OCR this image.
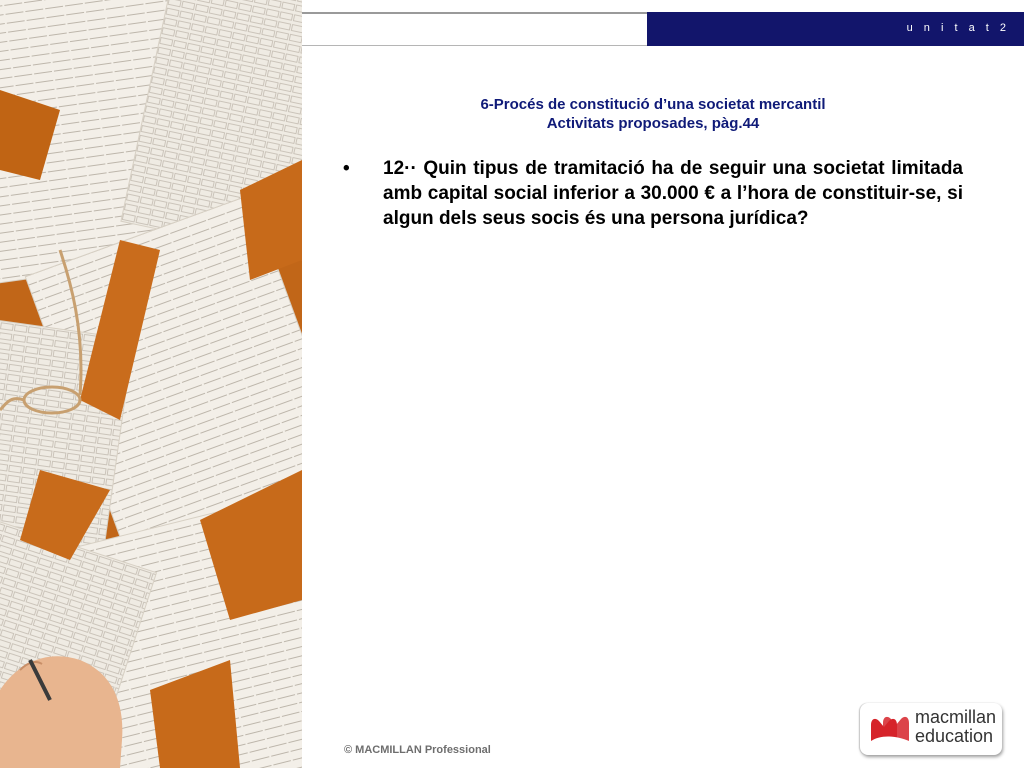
u n i t a t 2
6-Procés de constitució d’una societat mercantil
Activitats proposades, pàg.44
• 12·· Quin tipus de tramitació ha de seguir una societat limitada amb capital social inferior a 30.000 € a l’hora de constituir-se, si algun dels seus socis és una persona jurídica?
© MACMILLAN Professional
macmillan
education
